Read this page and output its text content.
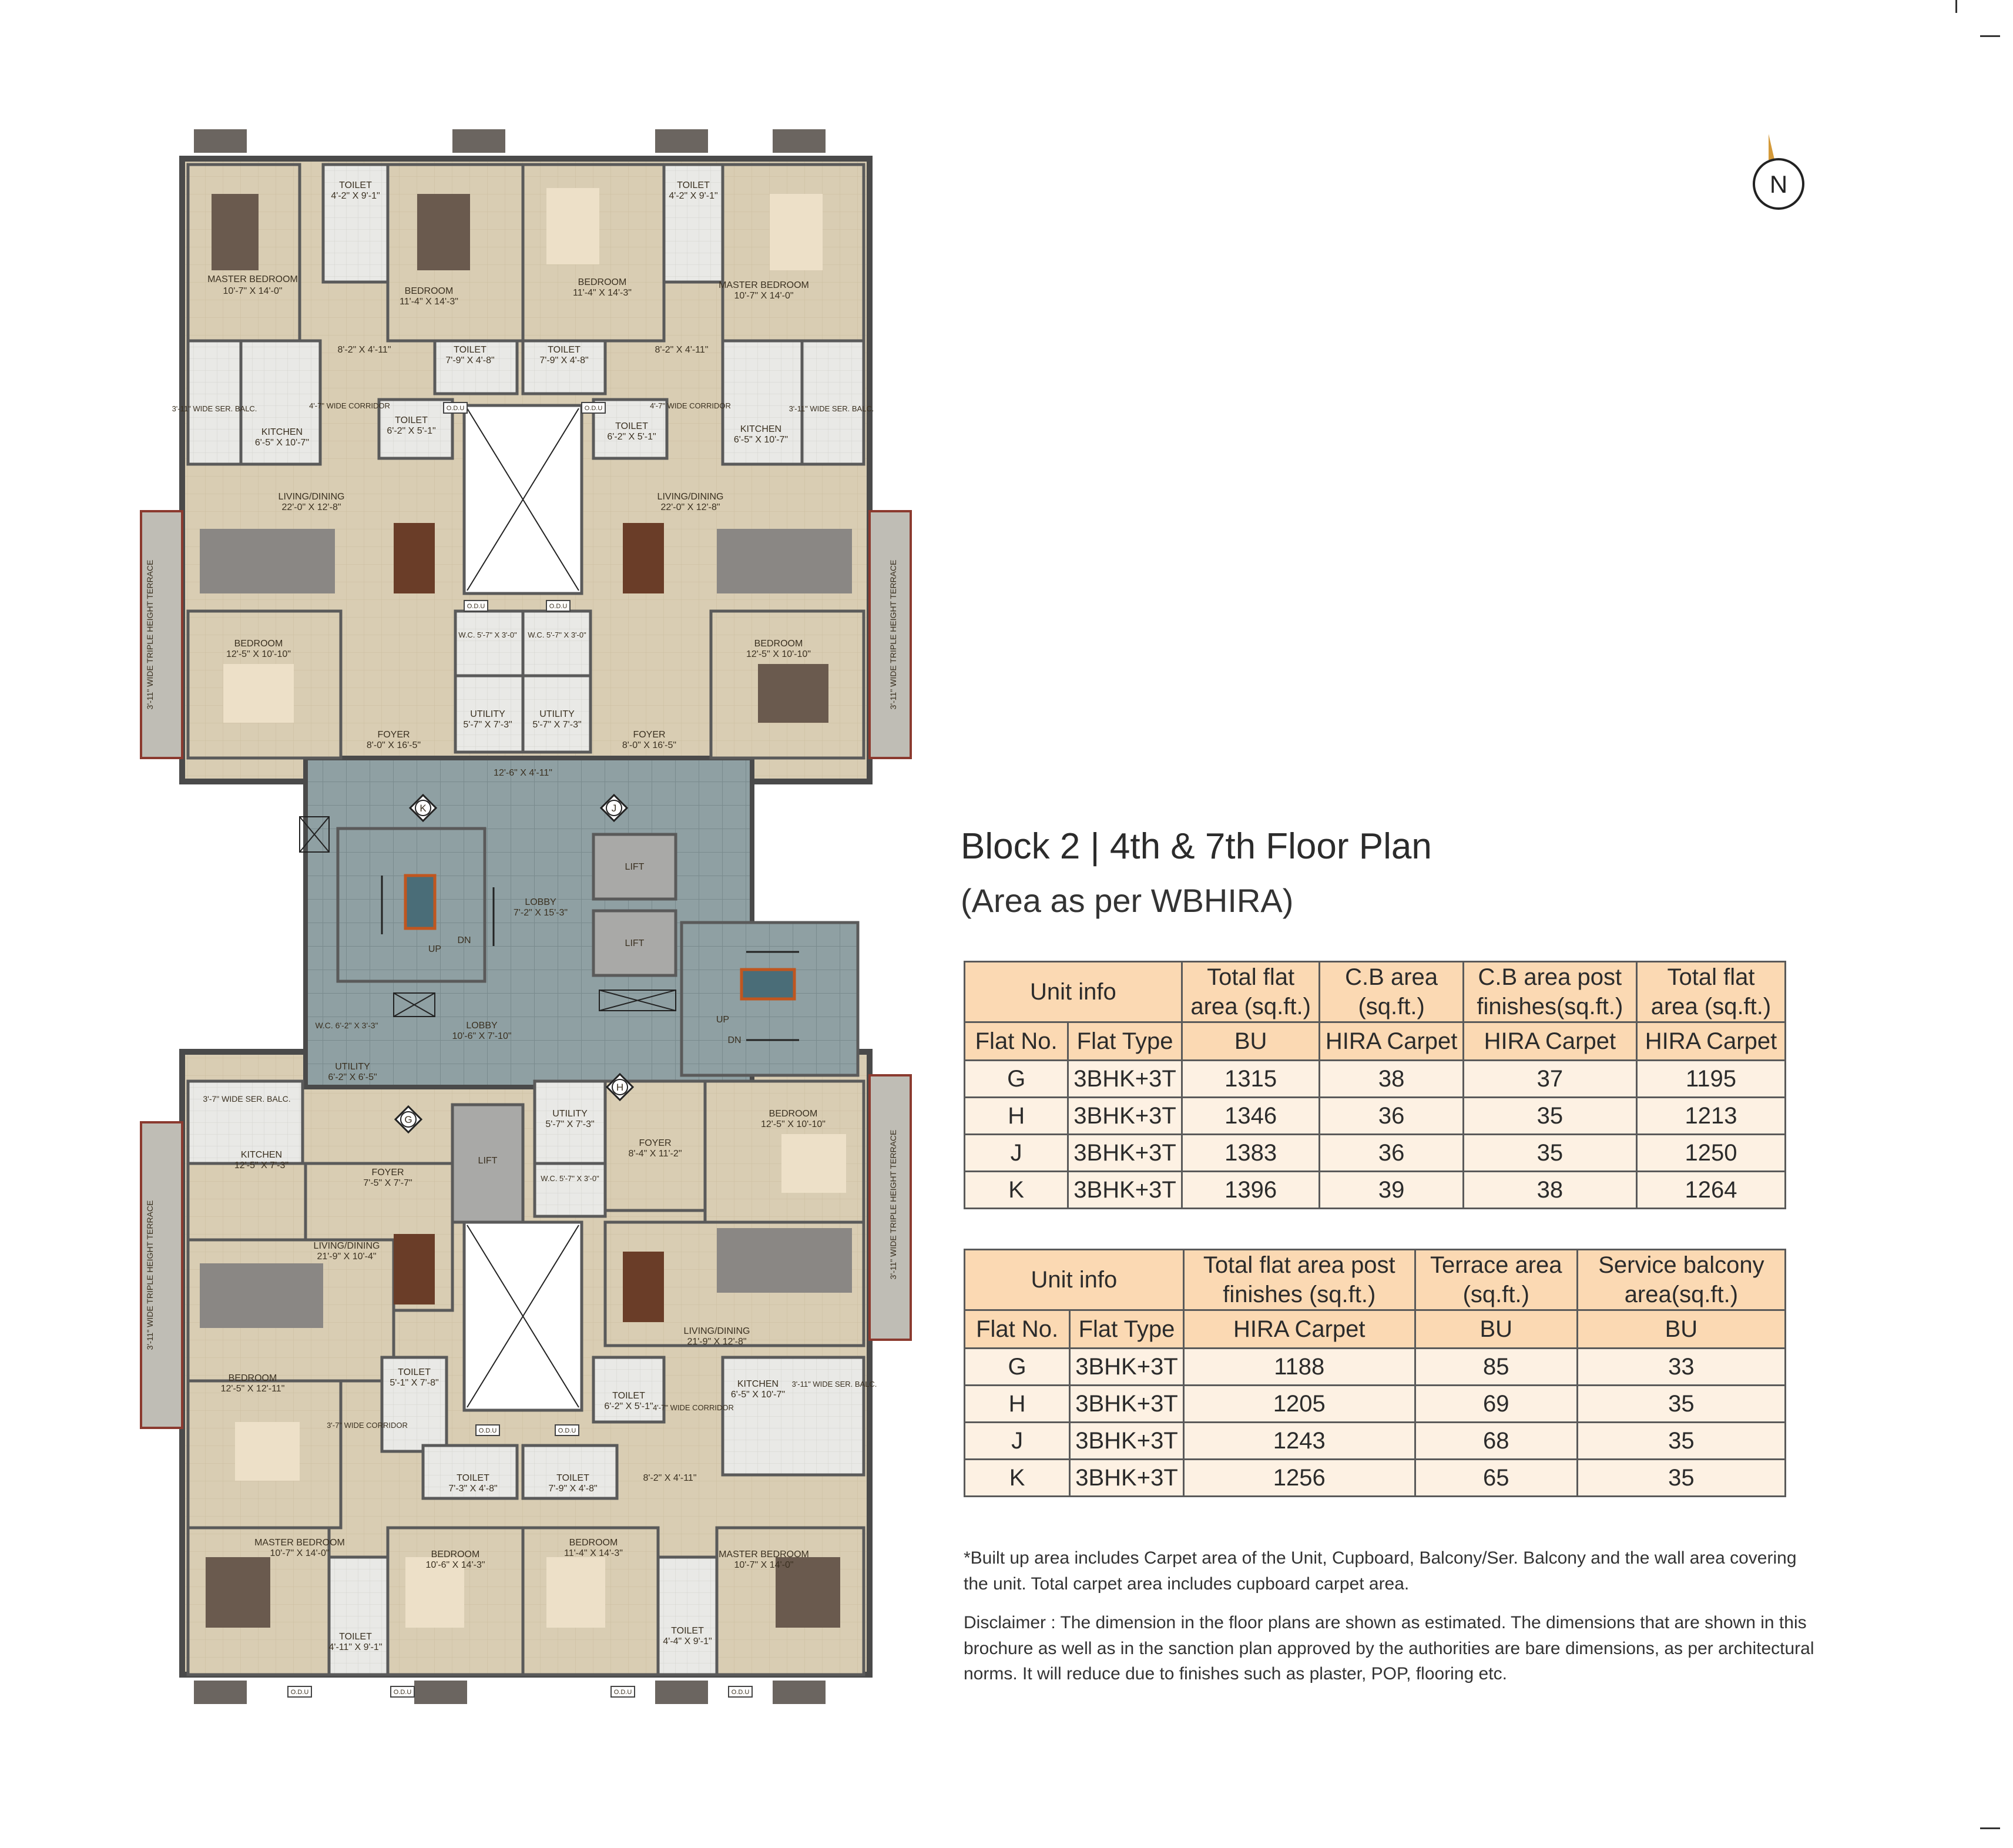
MASTER BEDROOM
10'-7" X 14'-0"
TOILET
4'-2" X 9'-1"
BEDROOM
11'-4" X 14'-3"
BEDROOM
11'-4" X 14'-3"
TOILET
4'-2" X 9'-1"
MASTER BEDROOM
10'-7" X 14'-0"
KITCHEN
6'-5" X 10'-7"
KITCHEN
6'-5" X 10'-7"
3'-11" WIDE SER. BALC.	3'-11" WIDE SER. BALC.
TOILET
7'-9" X 4'-8"
TOILET
7'-9" X 4'-8"
4'-7" WIDE CORRIDOR	4'-7" WIDE CORRIDOR
TOILET
6'-2" X 5'-1"	TOILET
6'-2" X 5'-1"
8'-2" X 4'-11"	8'-2" X 4'-11"
LIVING/DINING
22'-0" X 12'-8"
LIVING/DINING
22'-0" X 12'-8"
BEDROOM
12'-5" X 10'-10"
BEDROOM
12'-5" X 10'-10"
W.C. 5'-7" X 3'-0" W.C. 5'-7" X 3'-0"
UTILITY
5'-7" X 7'-3"
UTILITY
5'-7" X 7'-3"
FOYER
8'-0" X 16'-5"
FOYER
8'-0" X 16'-5"
12'-6" X 4'-11"
LIFT
LIFT
LIFT
LOBBY
7'-2" X 15'-3"
LOBBY
10'-6" X 7'-10"
UP
DN
UP
DN
W.C. 6'-2" X 3'-3"
UTILITY
6'-2" X 6'-5"
3'-7" WIDE SER. BALC.
KITCHEN
12'-5" X 7'-3"
FOYER
7'-5" X 7'-7"
UTILITY
5'-7" X 7'-3"
W.C. 5'-7" X 3'-0"
FOYER
8'-4" X 11'-2"
BEDROOM
12'-5" X 10'-10"
LIVING/DINING
21'-9" X 10'-4"
LIVING/DINING
21'-9" X 12'-8"
BEDROOM
12'-5" X 12'-11"
3'-7" WIDE CORRIDOR
TOILET
5'-1" X 7'-8"
TOILET
6'-2" X 5'-1" 4'-7" WIDE CORRIDOR
KITCHEN
6'-5" X 10'-7"
3'-11" WIDE SER. BALC.
TOILET
7'-3" X 4'-8"
TOILET
7'-9" X 4'-8"
8'-2" X 4'-11"
MASTER BEDROOM
10'-7" X 14'-0"	BEDROOM
10'-6" X 14'-3"
BEDROOM
11'-4" X 14'-3"	MASTER BEDROOM
10'-7" X 14'-0"
TOILET
4'-11" X 9'-1"
TOILET
4'-4" X 9'-1"
3'-11" WIDE TRIPLE HEIGHT TERRACE	3'-11" WIDE TRIPLE HEIGHT TERRACE
3'-11" WIDE TRIPLE HEIGHT TERRACE	3'-11" WIDE TRIPLE HEIGHT TERRACE
K	J
G
H
O.D.U	O.D.U
O.D.U	O.D.U
O.D.U	O.D.U
O.D.U	O.D.U	O.D.U	O.D.U
N
Block 2 | 4th & 7th Floor Plan
(Area as per WBHIRA)
Unit info		Total flat area (sq.ft.)	C.B area (sq.ft.)	C.B area post finishes(sq.ft.)	Total flat area (sq.ft.)
Flat No.	Flat Type	BU	HIRA Carpet	HIRA Carpet	HIRA Carpet
G	3BHK+3T	1315	38	37	1195
H	3BHK+3T	1346	36	35	1213
J	3BHK+3T	1383	36	35	1250
K	3BHK+3T	1396	39	38	1264
Unit info		Total flat area post finishes (sq.ft.)	Terrace area (sq.ft.)	Service balcony area(sq.ft.)
Flat No.	Flat Type	HIRA Carpet	BU	BU
G	3BHK+3T	1188	85	33
H	3BHK+3T	1205	69	35
J	3BHK+3T	1243	68	35
K	3BHK+3T	1256	65	35
*Built up area includes Carpet area of the Unit, Cupboard, Balcony/Ser. Balcony and the wall area covering the unit. Total carpet area includes cupboard carpet area.
Disclaimer : The dimension in the floor plans are shown as estimated. The dimensions that are shown in this brochure as well as in the sanction plan approved by the authorities are bare dimensions, as per architectural norms. It will reduce due to finishes such as plaster, POP, flooring etc.
